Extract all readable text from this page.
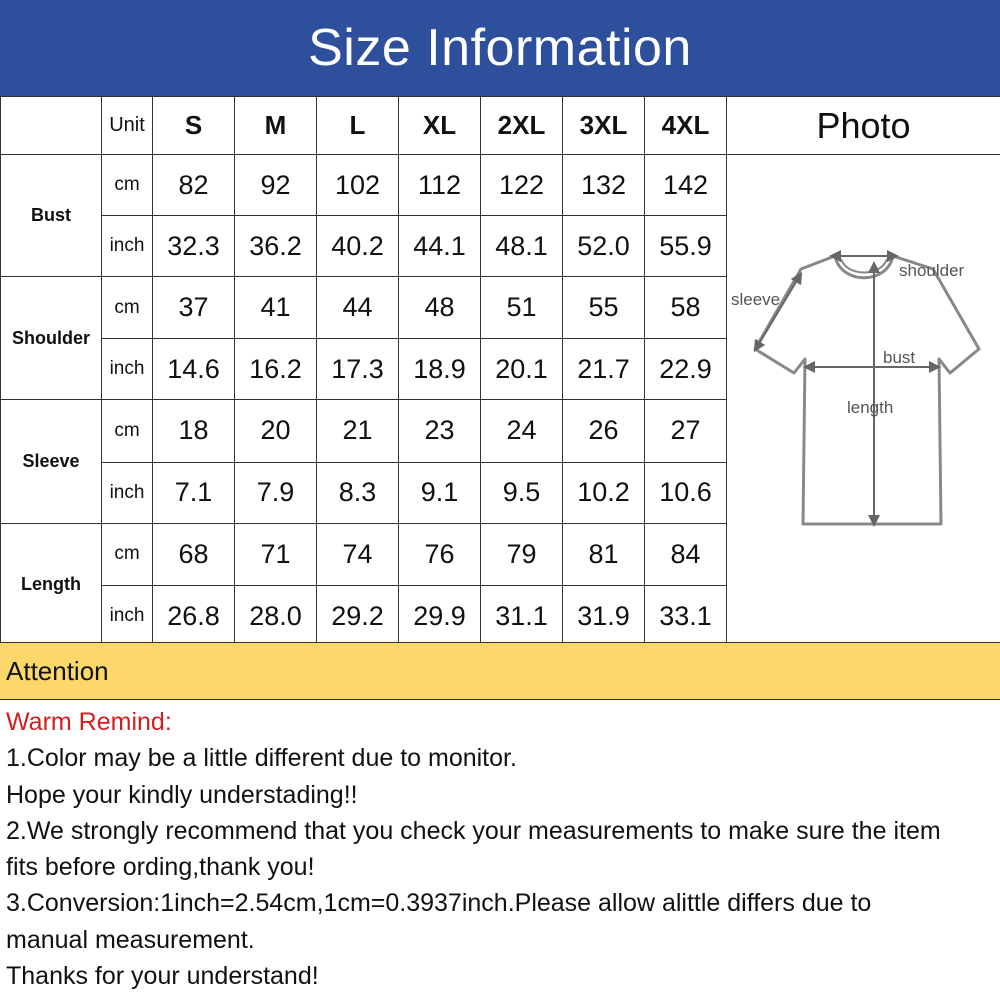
Size Information
	Unit	S	M	L	XL	2XL	3XL	4XL	Photo
Bust	cm	82	92	102	112	122	132	142	shoulder
sleeve
bust
length

	inch	32.3	36.2	40.2	44.1	48.1	52.0	55.9	
Shoulder	cm	37	41	44	48	51	55	58	
	inch	14.6	16.2	17.3	18.9	20.1	21.7	22.9	
Sleeve	cm	18	20	21	23	24	26	27	
	inch	7.1	7.9	8.3	9.1	9.5	10.2	10.6	
Length	cm	68	71	74	76	79	81	84	
	inch	26.8	28.0	29.2	29.9	31.1	31.9	33.1	
Attention
Warm Remind:
1.Color may be a little different due to monitor.
Hope your kindly understading!!
2.We strongly recommend that you check your measurements to make sure the item
fits before ording,thank you!
3.Conversion:1inch=2.54cm,1cm=0.3937inch.Please allow alittle differs due to
manual measurement.
Thanks for your understand!
